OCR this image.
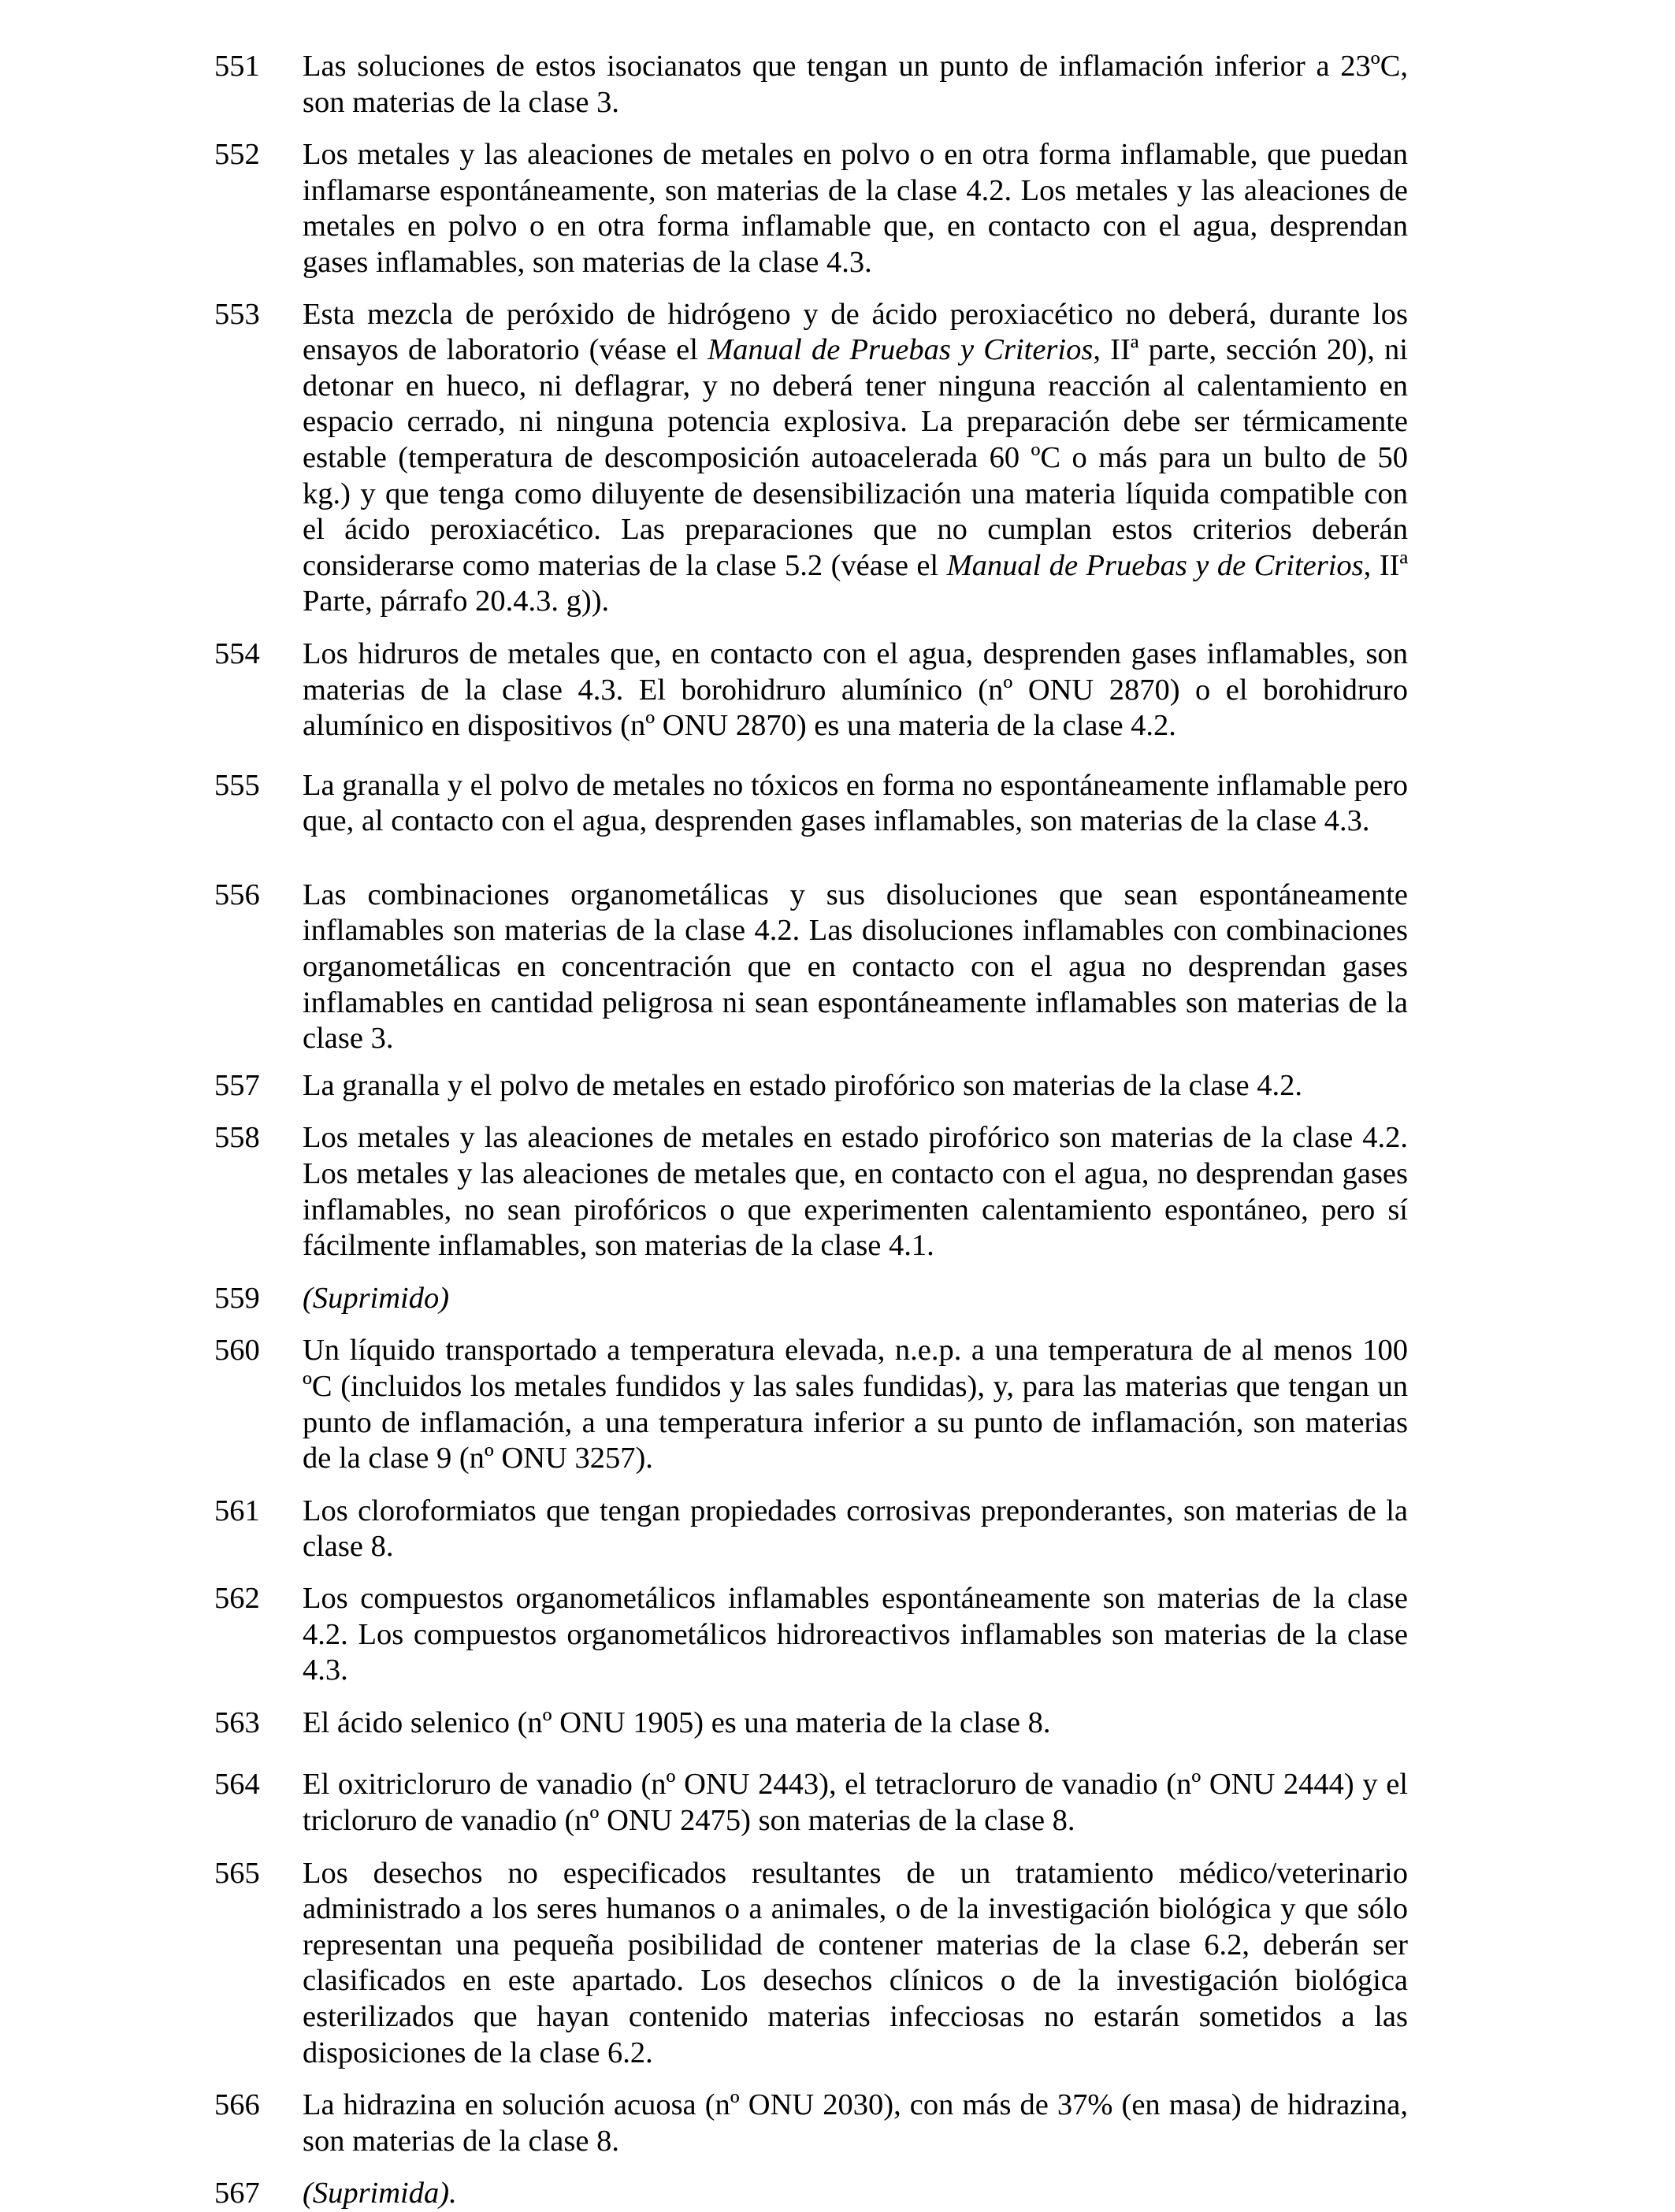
551	Las soluciones de estos isocianatos que tengan un punto de inflamación inferior a 23ºC, son materias de la clase 3.
552	Los metales y las aleaciones de metales en polvo o en otra forma inflamable, que puedan inflamarse espontáneamente, son materias de la clase 4.2. Los metales y las aleaciones de metales en polvo o en otra forma inflamable que, en contacto con el agua, desprendan gases inflamables, son materias de la clase 4.3.
553	Esta mezcla de peróxido de hidrógeno y de ácido peroxiacético no deberá, durante los ensayos de laboratorio (véase el Manual de Pruebas y Criterios, IIª parte, sección 20), ni detonar en hueco, ni deflagrar, y no deberá tener ninguna reacción al calentamiento en espacio cerrado, ni ninguna potencia explosiva. La preparación debe ser térmicamente estable (temperatura de descomposición autoacelerada 60 ºC o más para un bulto de 50 kg.) y que tenga como diluyente de desensibilización una materia líquida compatible con el ácido peroxiacético. Las preparaciones que no cumplan estos criterios deberán considerarse como materias de la clase 5.2 (véase el Manual de Pruebas y de Criterios, IIª Parte, párrafo 20.4.3. g)).
554	Los hidruros de metales que, en contacto con el agua, desprenden gases inflamables, son materias de la clase 4.3. El borohidruro alumínico (nº ONU 2870) o el borohidruro alumínico en dispositivos (nº ONU 2870) es una materia de la clase 4.2.
555	La granalla y el polvo de metales no tóxicos en forma no espontáneamente inflamable pero que, al contacto con el agua, desprenden gases inflamables, son materias de la clase 4.3.
556	Las combinaciones organometálicas y sus disoluciones que sean espontáneamente inflamables son materias de la clase 4.2. Las disoluciones inflamables con combinaciones organometálicas en concentración que en contacto con el agua no desprendan gases inflamables en cantidad peligrosa ni sean espontáneamente inflamables son materias de la clase 3.
557	La granalla y el polvo de metales en estado pirofórico son materias de la clase 4.2.
558	Los metales y las aleaciones de metales en estado pirofórico son materias de la clase 4.2. Los metales y las aleaciones de metales que, en contacto con el agua, no desprendan gases inflamables, no sean pirofóricos o que experimenten calentamiento espontáneo, pero sí fácilmente inflamables, son materias de la clase 4.1.
559	(Suprimido)
560	Un líquido transportado a temperatura elevada, n.e.p. a una temperatura de al menos 100 ºC (incluidos los metales fundidos y las sales fundidas), y, para las materias que tengan un punto de inflamación, a una temperatura inferior a su punto de inflamación, son materias de la clase 9 (nº ONU 3257).
561	Los cloroformiatos que tengan propiedades corrosivas preponderantes, son materias de la clase 8.
562	Los compuestos organometálicos inflamables espontáneamente son materias de la clase 4.2. Los compuestos organometálicos hidroreactivos inflamables son materias de la clase 4.3.
563	El ácido selenico (nº ONU 1905) es una materia de la clase 8.
564	El oxitricloruro de vanadio (nº ONU 2443), el tetracloruro de vanadio (nº ONU 2444) y el tricloruro de vanadio (nº ONU 2475) son materias de la clase 8.
565	Los desechos no especificados resultantes de un tratamiento médico/veterinario administrado a los seres humanos o a animales, o de la investigación biológica y que sólo representan una pequeña posibilidad de contener materias de la clase 6.2, deberán ser clasificados en este apartado. Los desechos clínicos o de la investigación biológica esterilizados que hayan contenido materias infecciosas no estarán sometidos a las disposiciones de la clase 6.2.
566	La hidrazina en solución acuosa (nº ONU 2030), con más de 37% (en masa) de hidrazina, son materias de la clase 8.
567	(Suprimida).
